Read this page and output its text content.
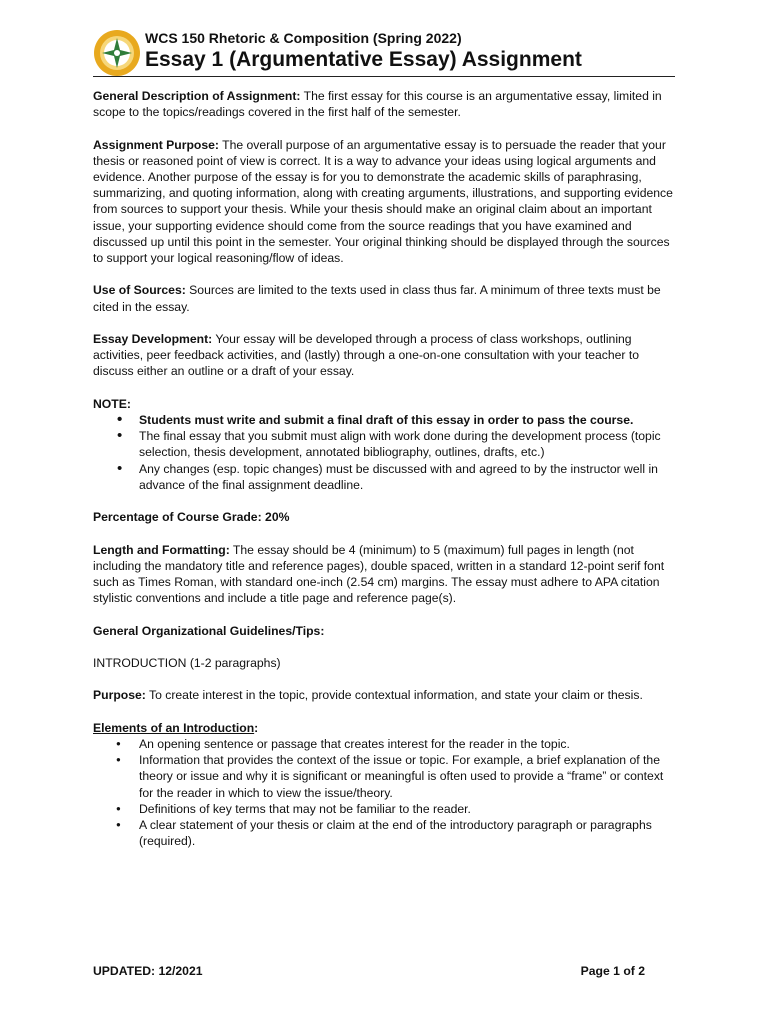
WCS 150 Rhetoric & Composition (Spring 2022)
Essay 1 (Argumentative Essay) Assignment

General Description of Assignment: The first essay for this course is an argumentative essay, limited in scope to the topics/readings covered in the first half of the semester.

Assignment Purpose: The overall purpose of an argumentative essay is to persuade the reader that your thesis or reasoned point of view is correct. It is a way to advance your ideas using logical arguments and evidence. Another purpose of the essay is for you to demonstrate the academic skills of paraphrasing, summarizing, and quoting information, along with creating arguments, illustrations, and supporting evidence from sources to support your thesis. While your thesis should make an original claim about an important issue, your supporting evidence should come from the source readings that you have examined and discussed up until this point in the semester. Your original thinking should be displayed through the sources to support your logical reasoning/flow of ideas.

Use of Sources: Sources are limited to the texts used in class thus far. A minimum of three texts must be cited in the essay.

Essay Development: Your essay will be developed through a process of class workshops, outlining activities, peer feedback activities, and (lastly) through a one-on-one consultation with your teacher to discuss either an outline or a draft of your essay.

NOTE:
• Students must write and submit a final draft of this essay in order to pass the course.
• The final essay that you submit must align with work done during the development process (topic selection, thesis development, annotated bibliography, outlines, drafts, etc.)
• Any changes (esp. topic changes) must be discussed with and agreed to by the instructor well in advance of the final assignment deadline.

Percentage of Course Grade: 20%

Length and Formatting: The essay should be 4 (minimum) to 5 (maximum) full pages in length (not including the mandatory title and reference pages), double spaced, written in a standard 12-point serif font such as Times Roman, with standard one-inch (2.54 cm) margins. The essay must adhere to APA citation stylistic conventions and include a title page and reference page(s).

General Organizational Guidelines/Tips:

INTRODUCTION (1-2 paragraphs)

Purpose: To create interest in the topic, provide contextual information, and state your claim or thesis.

Elements of an Introduction:
● An opening sentence or passage that creates interest for the reader in the topic.
● Information that provides the context of the issue or topic. For example, a brief explanation of the theory or issue and why it is significant or meaningful is often used to provide a “frame” or context for the reader in which to view the issue/theory.
● Definitions of key terms that may not be familiar to the reader.
● A clear statement of your thesis or claim at the end of the introductory paragraph or paragraphs (required).
UPDATED: 12/2021	Page 1 of 2
